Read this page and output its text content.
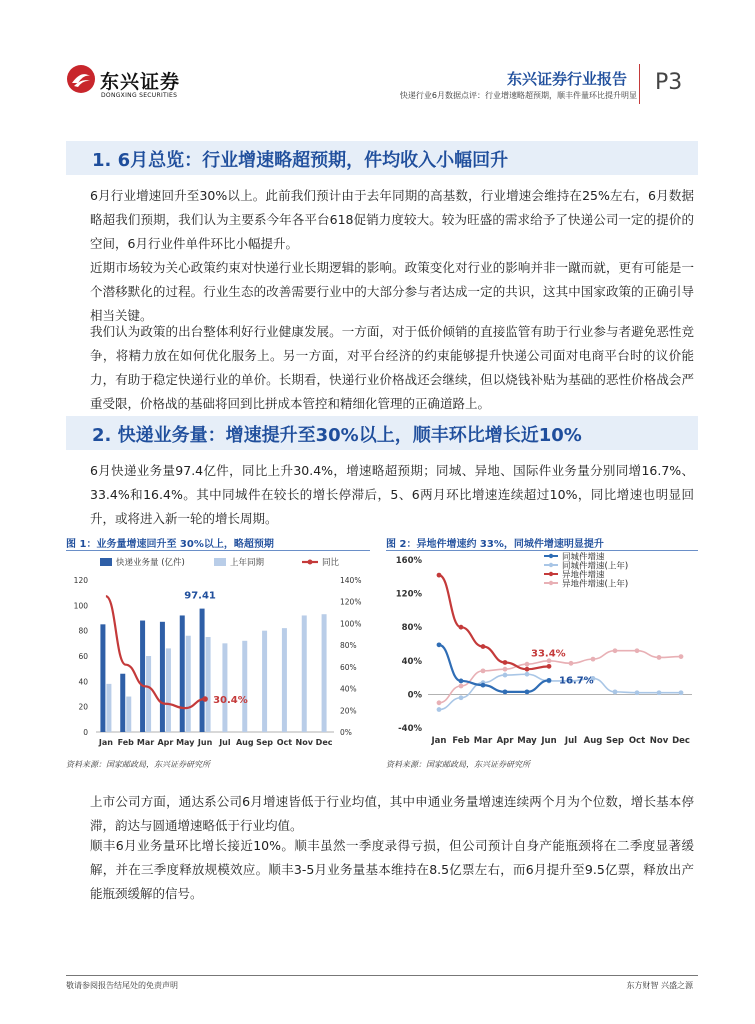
东兴证券
DONGXING SECURITIES
东兴证券行业报告
快递行业6月数据点评：行业增速略超预期，顺丰件量环比提升明显
P3
1. 6月总览：行业增速略超预期，件均收入小幅回升

6月行业增速回升至30%以上。此前我们预计由于去年同期的高基数，行业增速会维持在25%左右，6月数据略超我们预期，我们认为主要系今年各平台618促销力度较大。较为旺盛的需求给予了快递公司一定的提价的空间，6月行业件单件环比小幅提升。

近期市场较为关心政策约束对快递行业长期逻辑的影响。政策变化对行业的影响并非一蹴而就，更有可能是一个潜移默化的过程。行业生态的改善需要行业中的大部分参与者达成一定的共识，这其中国家政策的正确引导相当关键。

我们认为政策的出台整体利好行业健康发展。一方面，对于低价倾销的直接监管有助于行业参与者避免恶性竞争，将精力放在如何优化服务上。另一方面，对平台经济的约束能够提升快递公司面对电商平台时的议价能力，有助于稳定快递行业的单价。长期看，快递行业价格战还会继续，但以烧钱补贴为基础的恶性价格战会严重受限，价格战的基础将回到比拼成本管控和精细化管理的正确道路上。

2. 快递业务量：增速提升至30%以上，顺丰环比增长近10%

6月快递业务量97.4亿件，同比上升30.4%，增速略超预期；同城、异地、国际件业务量分别同增16.7%、33.4%和16.4%。其中同城件在较长的增长停滞后，5、6两月环比增速连续超过10%，同比增速也明显回升，或将进入新一轮的增长周期。

图 1：业务量增速回升至 30%以上，略超预期
快递业务量 (亿件)	上年同期	同比
0
20
40
60
80
100
120
0%
20%
40%
60%
80%
100%
120%
140%
Jan Feb Mar Apr May Jun Jul Aug Sep Oct Nov Dec
97.41
30.4%
资料来源：国家邮政局，东兴证券研究所
图 2：异地件增速约 33%，同城件增速明显提升
-40%
0%
40%
80%
120%
160%
Jan Feb Mar Apr May Jun Jul Aug Sep Oct Nov Dec
同城件增速
同城件增速(上年)
异地件增速
异地件增速(上年)
33.4%
16.7%
资料来源：国家邮政局，东兴证券研究所

上市公司方面，通达系公司6月增速皆低于行业均值，其中申通业务量增速连续两个月为个位数，增长基本停滞，韵达与圆通增速略低于行业均值。

顺丰6月业务量环比增长接近10%。顺丰虽然一季度录得亏损，但公司预计自身产能瓶颈将在二季度显著缓解，并在三季度释放规模效应。顺丰3-5月业务量基本维持在8.5亿票左右，而6月提升至9.5亿票，释放出产能瓶颈缓解的信号。

敬请参阅报告结尾处的免责声明	东方财智 兴盛之源
